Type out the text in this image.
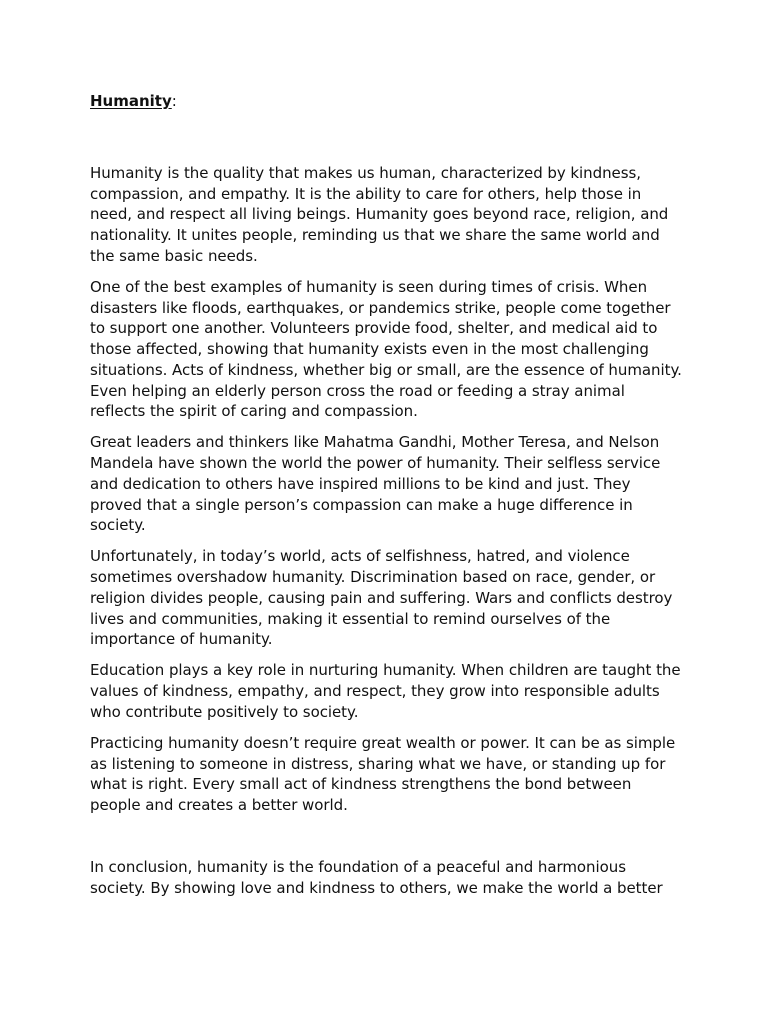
Humanity:

Humanity is the quality that makes us human, characterized by kindness, compassion, and empathy. It is the ability to care for others, help those in need, and respect all living beings. Humanity goes beyond race, religion, and nationality. It unites people, reminding us that we share the same world and the same basic needs.

One of the best examples of humanity is seen during times of crisis. When disasters like floods, earthquakes, or pandemics strike, people come together to support one another. Volunteers provide food, shelter, and medical aid to those affected, showing that humanity exists even in the most challenging situations. Acts of kindness, whether big or small, are the essence of humanity. Even helping an elderly person cross the road or feeding a stray animal reflects the spirit of caring and compassion.

Great leaders and thinkers like Mahatma Gandhi, Mother Teresa, and Nelson Mandela have shown the world the power of humanity. Their selfless service and dedication to others have inspired millions to be kind and just. They proved that a single person’s compassion can make a huge difference in society.

Unfortunately, in today’s world, acts of selfishness, hatred, and violence sometimes overshadow humanity. Discrimination based on race, gender, or religion divides people, causing pain and suffering. Wars and conflicts destroy lives and communities, making it essential to remind ourselves of the importance of humanity.

Education plays a key role in nurturing humanity. When children are taught the values of kindness, empathy, and respect, they grow into responsible adults who contribute positively to society.

Practicing humanity doesn’t require great wealth or power. It can be as simple as listening to someone in distress, sharing what we have, or standing up for what is right. Every small act of kindness strengthens the bond between people and creates a better world.

In conclusion, humanity is the foundation of a peaceful and harmonious society. By showing love and kindness to others, we make the world a better
